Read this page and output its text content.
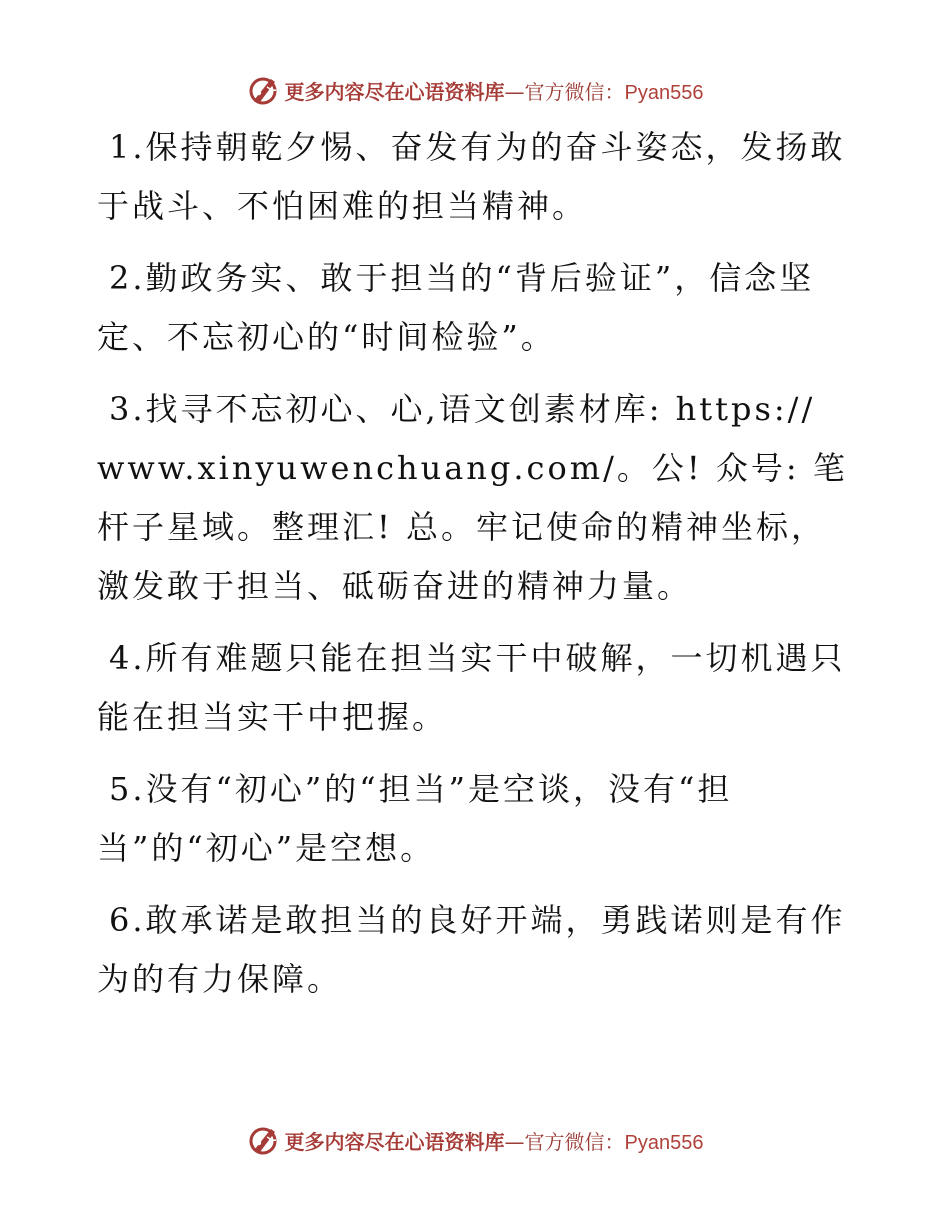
更多内容尽在心语资料库—官方微信：Pyan556

1.保持朝乾夕惕、奋发有为的奋斗姿态，发扬敢于战斗、不怕困难的担当精神。

2.勤政务实、敢于担当的“背后验证”，信念坚定、不忘初心的“时间检验”。

3.找寻不忘初心、心,语文创素材库: https:// www.xinyuwenchuang.com/。公! 众号: 笔杆子星域。整理汇! 总。牢记使命的精神坐标，激发敢于担当、砥砺奋进的精神力量。

4.所有难题只能在担当实干中破解，一切机遇只能在担当实干中把握。

5.没有“初心”的“担当”是空谈，没有“担当”的“初心”是空想。

6.敢承诺是敢担当的良好开端，勇践诺则是有作为的有力保障。

更多内容尽在心语资料库—官方微信：Pyan556
